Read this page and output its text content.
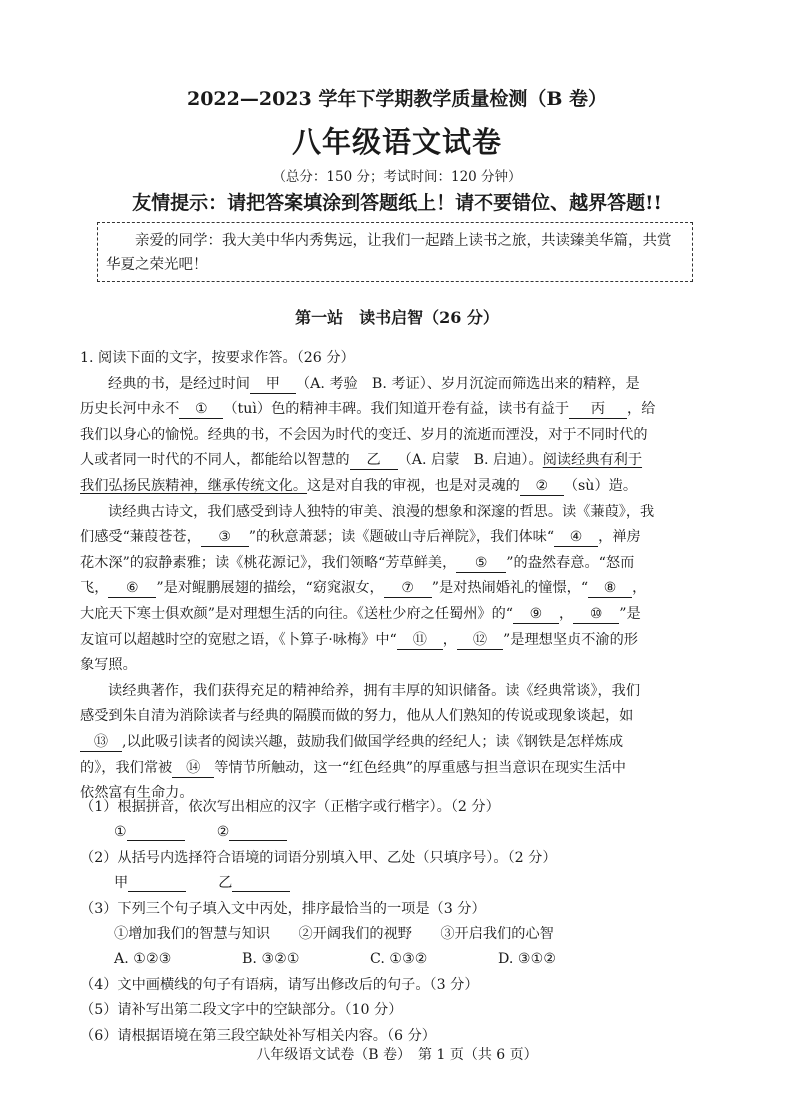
2022—2023 学年下学期教学质量检测（B 卷）
八年级语文试卷
（总分：150 分；考试时间：120 分钟）
友情提示：请把答案填涂到答题纸上！请不要错位、越界答题!!
亲爱的同学：我大美中华内秀隽远，让我们一起踏上读书之旅，共读臻美华篇，共赏华夏之荣光吧！
第一站　读书启智（26 分）
1. 阅读下面的文字，按要求作答。（26 分）
经典的书，是经过时间 甲 （A. 考验　B. 考证）、岁月沉淀而筛选出来的精粹，是
历史长河中永不 ① （tuì）色的精神丰碑。我们知道开卷有益，读书有益于 丙 ，给
我们以身心的愉悦。经典的书，不会因为时代的变迁、岁月的流逝而湮没，对于不同时代的
人或者同一时代的不同人，都能给以智慧的 乙 （A. 启蒙　B. 启迪）。阅读经典有利于
我们弘扬民族精神，继承传统文化。这是对自我的审视，也是对灵魂的 ② （sù）造。
读经典古诗文，我们感受到诗人独特的审美、浪漫的想象和深邃的哲思。读《蒹葭》，我
们感受“蒹葭苍苍， ③ ”的秋意萧瑟；读《题破山寺后禅院》，我们体味“ ④ ，禅房
花木深”的寂静素雅；读《桃花源记》，我们领略“芳草鲜美， ⑤ ”的盎然春意。“怒而
飞， ⑥ ”是对鲲鹏展翅的描绘，“窈窕淑女， ⑦ ”是对热闹婚礼的憧憬，“ ⑧ ，
大庇天下寒士俱欢颜”是对理想生活的向往。《送杜少府之任蜀州》的“ ⑨ ， ⑩ ”是
友谊可以超越时空的宽慰之语，《卜算子·咏梅》中“ ⑪ ， ⑫ ”是理想坚贞不渝的形
象写照。
读经典著作，我们获得充足的精神给养，拥有丰厚的知识储备。读《经典常谈》，我们
感受到朱自清为消除读者与经典的隔膜而做的努力，他从人们熟知的传说或现象谈起，如
⑬ ,以此吸引读者的阅读兴趣，鼓励我们做国学经典的经纪人；读《钢铁是怎样炼成
的》，我们常被 ⑭ 等情节所触动，这一“红色经典”的厚重感与担当意识在现实生活中
依然富有生命力。
（1）根据拼音，依次写出相应的汉字（正楷字或行楷字）。（2 分）
①	②
（2）从括号内选择符合语境的词语分别填入甲、乙处（只填序号）。（2 分）
甲	乙
（3）下列三个句子填入文中丙处，排序最恰当的一项是（3 分）
①增加我们的智慧与知识　　②开阔我们的视野　　③开启我们的心智
A. ①②③	B. ③②①	C. ①③②	D. ③①②
（4）文中画横线的句子有语病，请写出修改后的句子。（3 分）
（5）请补写出第二段文字中的空缺部分。（10 分）
（6）请根据语境在第三段空缺处补写相关内容。（6 分）
八年级语文试卷（B 卷）　第 1 页（共 6 页）
